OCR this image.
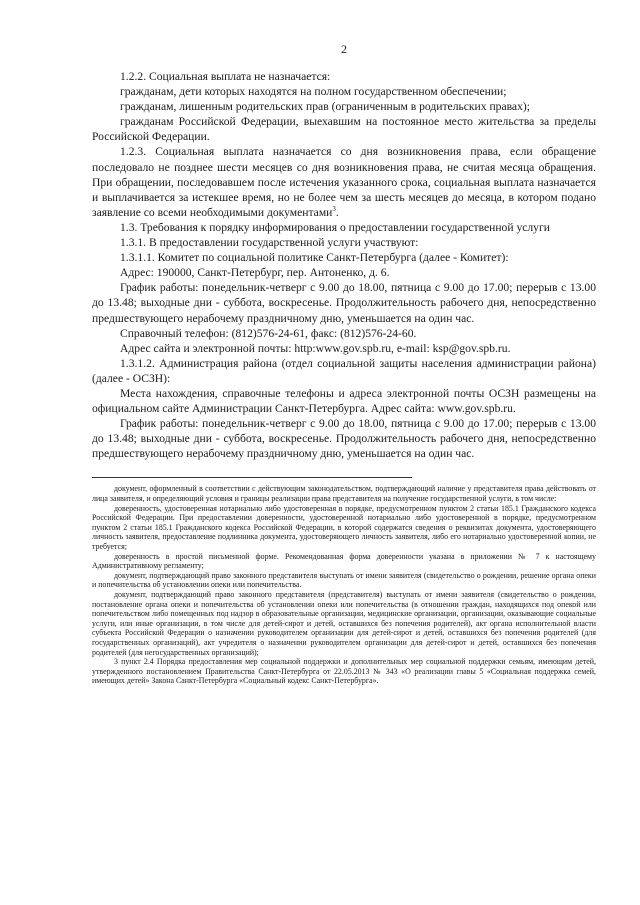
2

1.2.2. Социальная выплата не назначается:

гражданам, дети которых находятся на полном государственном обеспечении;

гражданам, лишенным родительских прав (ограниченным в родительских правах);

гражданам Российской Федерации, выехавшим на постоянное место жительства за пределы Российской Федерации.

1.2.3. Социальная выплата назначается со дня возникновения права, если обращение последовало не позднее шести месяцев со дня возникновения права, не считая месяца обращения. При обращении, последовавшем после истечения указанного срока, социальная выплата назначается и выплачивается за истекшее время, но не более чем за шесть месяцев до месяца, в котором подано заявление со всеми необходимыми документами$^3$.

1.3. Требования к порядку информирования о предоставлении государственной услуги

1.3.1. В предоставлении государственной услуги участвуют:

1.3.1.1. Комитет по социальной политике Санкт-Петербурга (далее - Комитет):

Адрес: 190000, Санкт-Петербург, пер. Антоненко, д. 6.

График работы: понедельник-четверг с 9.00 до 18.00, пятница с 9.00 до 17.00; перерыв с 13.00 до 13.48; выходные дни - суббота, воскресенье. Продолжительность рабочего дня, непосредственно предшествующего нерабочему праздничному дню, уменьшается на один час.

Справочный телефон: (812)576-24-61, факс: (812)576-24-60.

Адрес сайта и электронной почты: http:www.gov.spb.ru, e-mail: ksp@gov.spb.ru.

1.3.1.2. Администрация района (отдел социальной защиты населения администрации района) (далее - ОСЗН):

Места нахождения, справочные телефоны и адреса электронной почты ОСЗН размещены на официальном сайте Администрации Санкт-Петербурга. Адрес сайта: www.gov.spb.ru.

График работы: понедельник-четверг с 9.00 до 18.00, пятница с 9.00 до 17.00; перерыв с 13.00 до 13.48; выходные дни - суббота, воскресенье. Продолжительность рабочего дня, непосредственно предшествующего нерабочему праздничному дню, уменьшается на один час.

документ, оформленный в соответствии с действующим законодательством, подтверждающий наличие у представителя права действовать от лица заявителя, и определяющий условия и границы реализации права представителя на получение государственной услуги, в том числе:

доверенность, удостоверенная нотариально либо удостоверенная в порядке, предусмотренном пунктом 2 статьи 185.1 Гражданского кодекса Российской Федерации. При предоставлении доверенности, удостоверенной нотариально либо удостоверенной в порядке, предусмотренном пунктом 2 статьи 185.1 Гражданского кодекса Российской Федерации, в которой содержатся сведения о реквизитах документа, удостоверяющего личность заявителя, предоставление подлинника документа, удостоверяющего личность заявителя, либо его нотариально удостоверенной копии, не требуется;

доверенность в простой письменной форме. Рекомендованная форма доверенности указана в приложении № 7 к настоящему Административному регламенту;

документ, подтверждающий право законного представителя выступать от имени заявителя (свидетельство о рождении, решение органа опеки и попечительства об установлении опеки или попечительства.

документ, подтверждающий право законного представителя (представителя) выступать от имени заявителя (свидетельство о рождении, постановление органа опеки и попечительства об установлении опеки или попечительства (в отношении граждан, находящихся под опекой или попечительством либо помещенных под надзор в образовательные организации, медицинские организации, организации, оказывающие социальные услуги, или иные организации, в том числе для детей-сирот и детей, оставшихся без попечения родителей), акт органа исполнительной власти субъекта Российской Федерации о назначении руководителем организации для детей-сирот и детей, оставшихся без попечения родителей (для государственных организаций), акт учредителя о назначении руководителем организации для детей-сирот и детей, оставшихся без попечения родителей (для негосударственных организаций);

3 пункт 2.4 Порядка предоставления мер социальной поддержки и дополнительных мер социальной поддержки семьям, имеющим детей, утвержденного постановлением Правительства Санкт-Петербурга от 22.05.2013 № 343 «О реализации главы 5 «Социальная поддержка семей, имеющих детей» Закона Санкт-Петербурга «Социальный кодекс Санкт-Петербурга».
